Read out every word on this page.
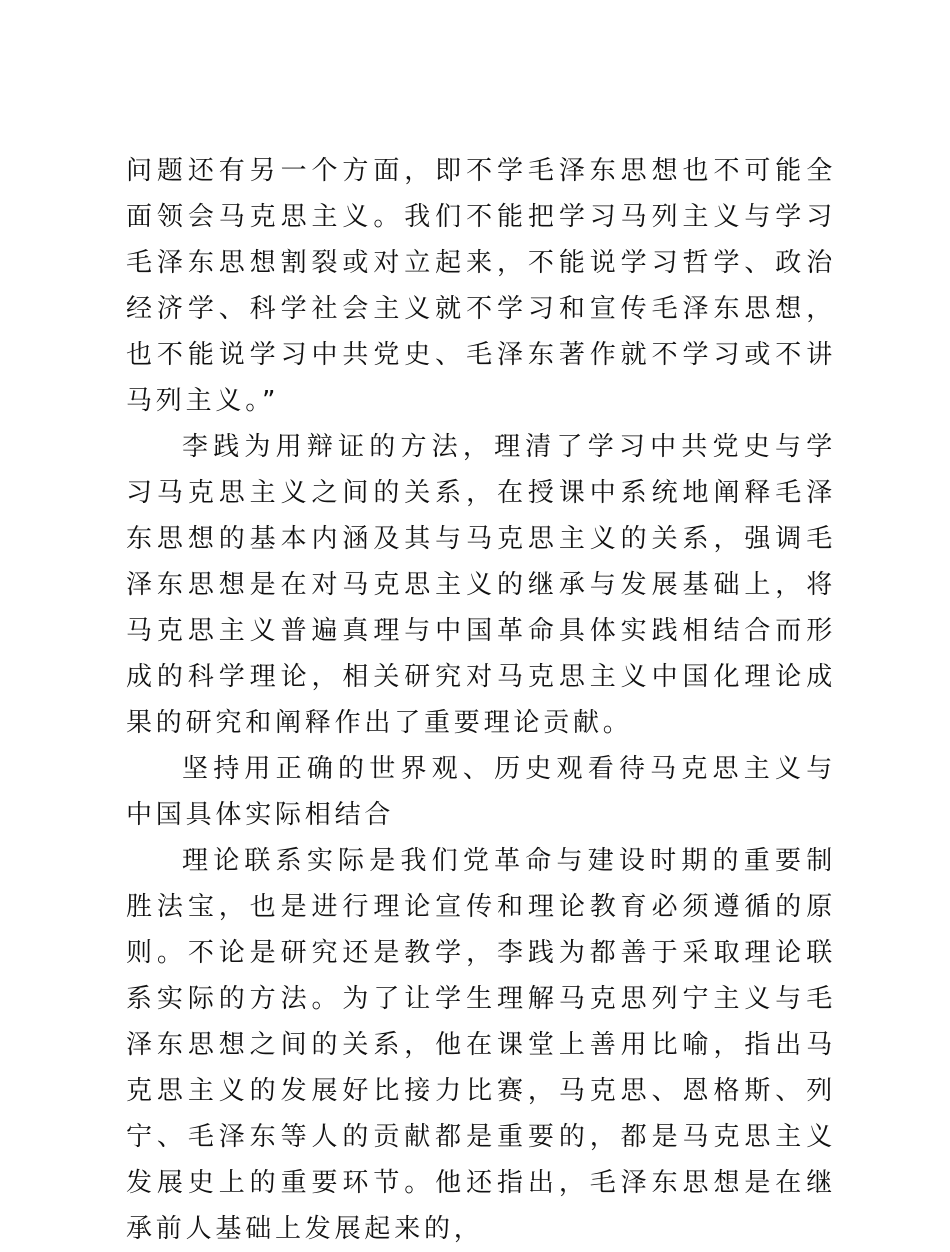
问题还有另一个方面，即不学毛泽东思想也不可能全面领会马克思主义。我们不能把学习马列主义与学习毛泽东思想割裂或对立起来，不能说学习哲学、政治经济学、科学社会主义就不学习和宣传毛泽东思想，也不能说学习中共党史、毛泽东著作就不学习或不讲马列主义。”

李践为用辩证的方法，理清了学习中共党史与学习马克思主义之间的关系，在授课中系统地阐释毛泽东思想的基本内涵及其与马克思主义的关系，强调毛泽东思想是在对马克思主义的继承与发展基础上，将马克思主义普遍真理与中国革命具体实践相结合而形成的科学理论，相关研究对马克思主义中国化理论成果的研究和阐释作出了重要理论贡献。

坚持用正确的世界观、历史观看待马克思主义与中国具体实际相结合

理论联系实际是我们党革命与建设时期的重要制胜法宝，也是进行理论宣传和理论教育必须遵循的原则。不论是研究还是教学，李践为都善于采取理论联系实际的方法。为了让学生理解马克思列宁主义与毛泽东思想之间的关系，他在课堂上善用比喻，指出马克思主义的发展好比接力比赛，马克思、恩格斯、列宁、毛泽东等人的贡献都是重要的，都是马克思主义发展史上的重要环节。他还指出，毛泽东思想是在继承前人基础上发展起来的，
